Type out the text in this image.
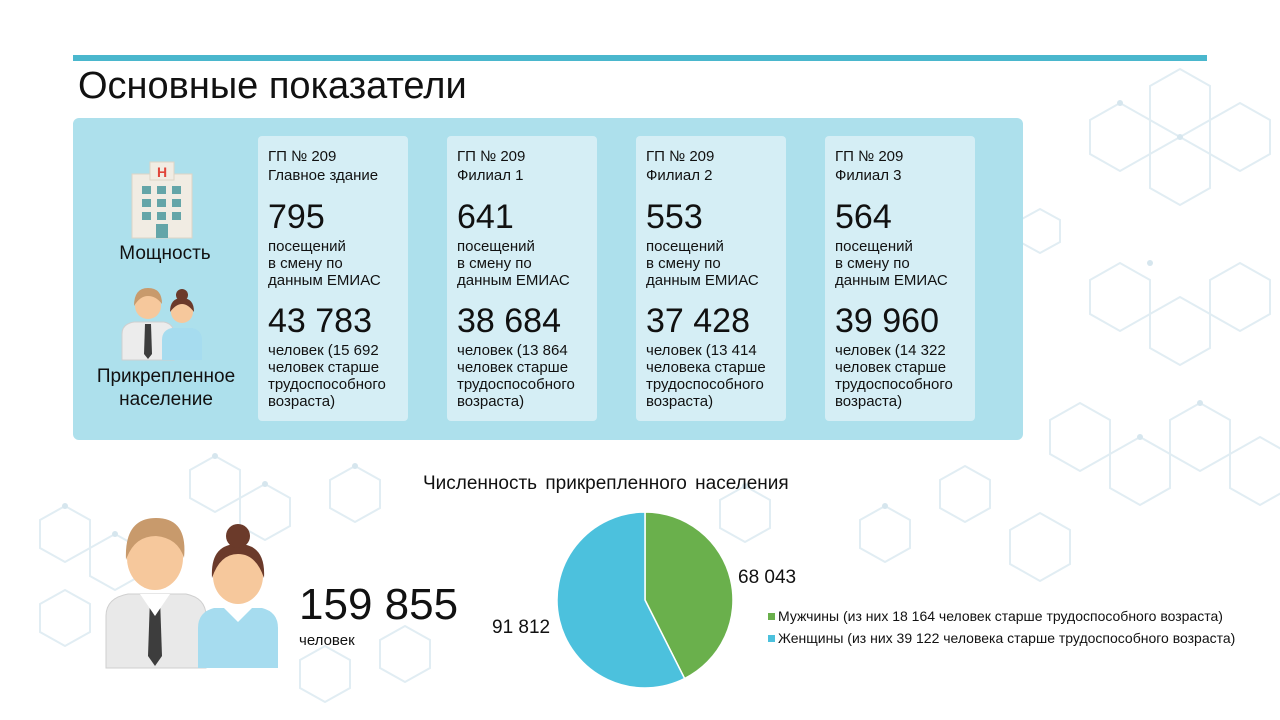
Основные показатели
H
Мощность
Прикрепленное
население
ГП № 209
Главное здание
795
посещений
в смену по
данным ЕМИАС
43 783
человек (15 692
человек старше
трудоспособного
возраста)
ГП № 209
Филиал 1
641
посещений
в смену по
данным ЕМИАС
38 684
человек (13 864
человек старше
трудоспособного
возраста)
ГП № 209
Филиал 2
553
посещений
в смену по
данным ЕМИАС
37 428
человек (13 414
человека старше
трудоспособного
возраста)
ГП № 209
Филиал 3
564
посещений
в смену по
данным ЕМИАС
39 960
человек (14 322
человек старше
трудоспособного
возраста)
159 855
человек
Численность прикрепленного населения
68 043
91 812
Мужчины (из них 18 164 человек старше трудоспособного возраста)
Женщины (из них 39 122 человека старше трудоспособного возраста)
